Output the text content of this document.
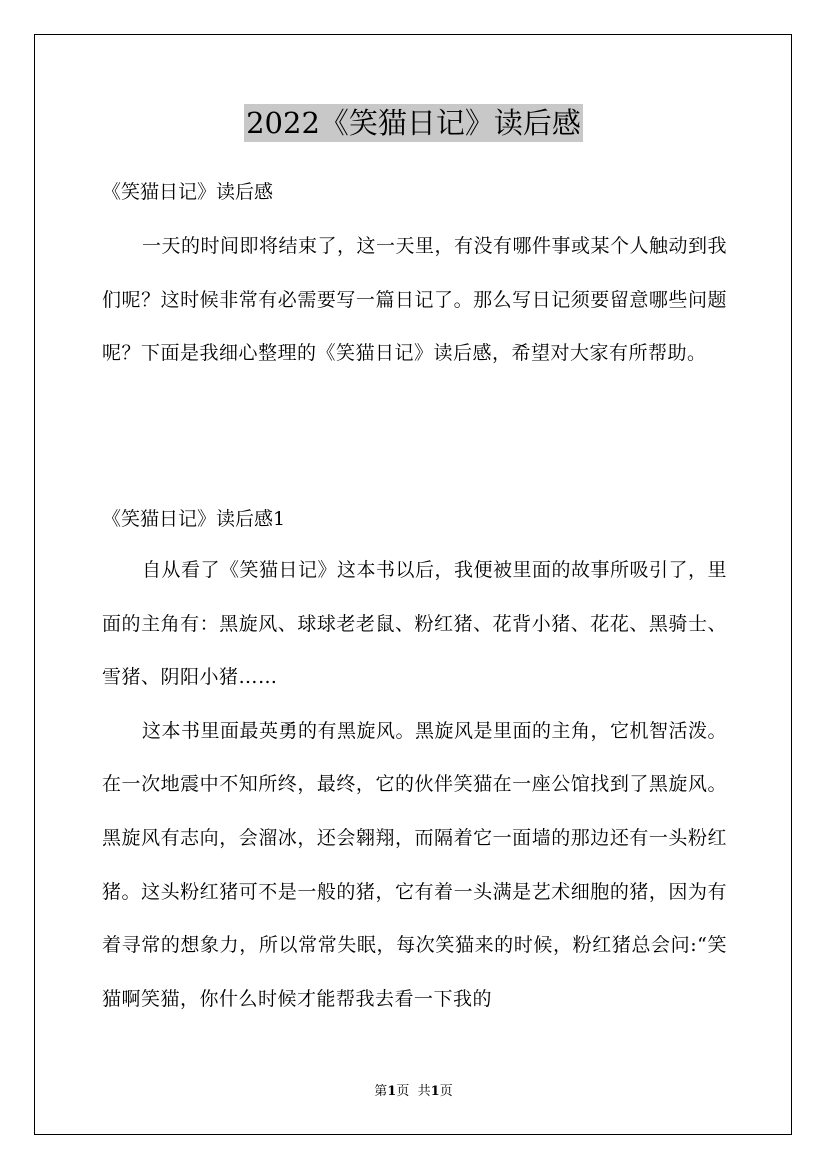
2022《笑猫日记》读后感
《笑猫日记》读后感

一天的时间即将结束了，这一天里，有没有哪件事或某个人触动到我们呢？这时候非常有必需要写一篇日记了。那么写日记须要留意哪些问题呢？下面是我细心整理的《笑猫日记》读后感，希望对大家有所帮助。

《笑猫日记》读后感1

自从看了《笑猫日记》这本书以后，我便被里面的故事所吸引了，里面的主角有：黑旋风、球球老老鼠、粉红猪、花背小猪、花花、黑骑士、雪猪、阴阳小猪……

这本书里面最英勇的有黑旋风。黑旋风是里面的主角，它机智活泼。在一次地震中不知所终，最终，它的伙伴笑猫在一座公馆找到了黑旋风。黑旋风有志向，会溜冰，还会翱翔，而隔着它一面墙的那边还有一头粉红猪。这头粉红猪可不是一般的猪，它有着一头满是艺术细胞的猪，因为有着寻常的想象力，所以常常失眠，每次笑猫来的时候，粉红猪总会问:“笑猫啊笑猫，你什么时候才能帮我去看一下我的

第1页 共1页
